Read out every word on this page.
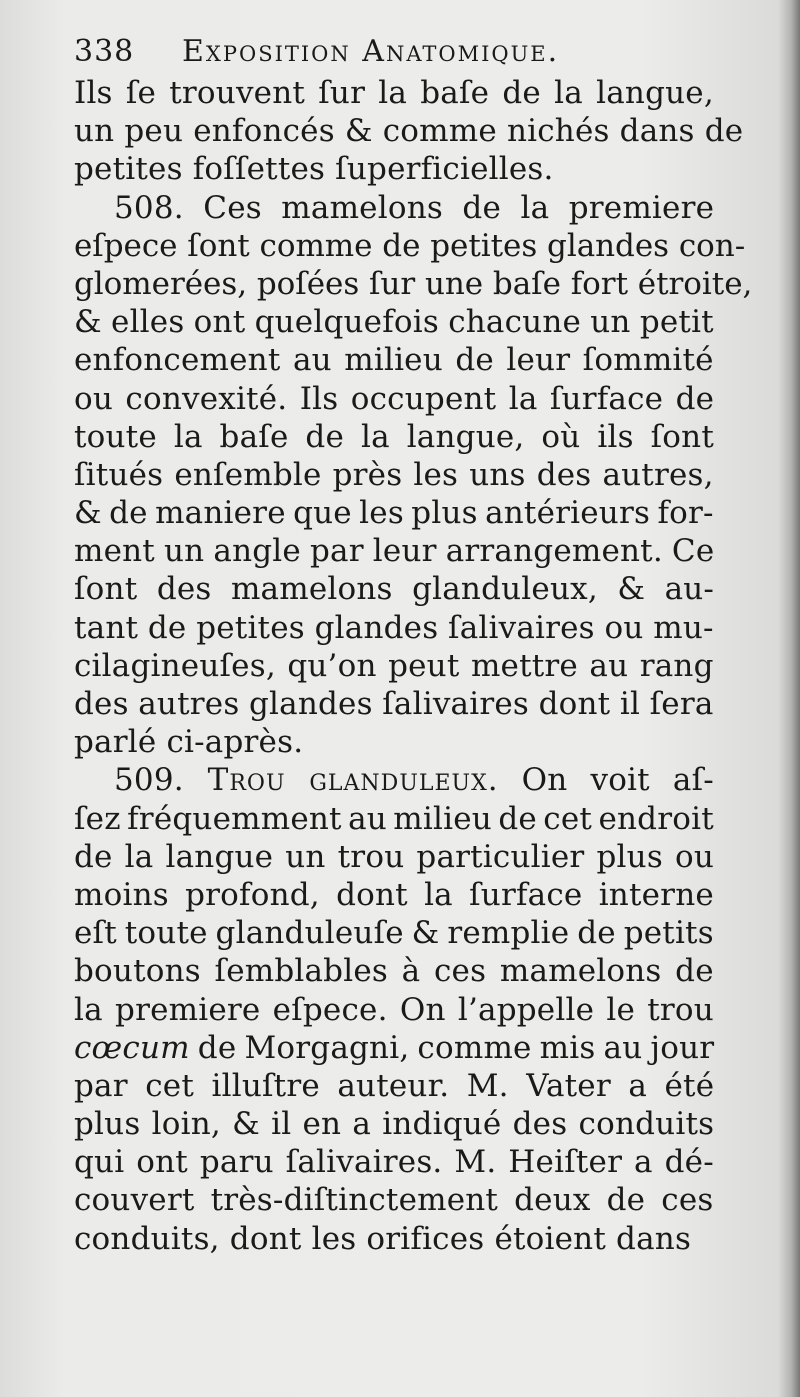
338 Exposition Anatomique.
Ils ſe trouvent ſur la baſe de la langue,
un peu enfoncés & comme nichés dans de
petites foſſettes ſuperficielles.
508. Ces mamelons de la premiere
eſpece ſont comme de petites glandes con-
glomerées, poſées ſur une baſe fort étroite,
& elles ont quelquefois chacune un petit
enfoncement au milieu de leur ſommité
ou convexité. Ils occupent la ſurface de
toute la baſe de la langue, où ils ſont
ſitués enſemble près les uns des autres,
& de maniere que les plus antérieurs for-
ment un angle par leur arrangement. Ce
ſont des mamelons glanduleux, & au-
tant de petites glandes ſalivaires ou mu-
cilagineuſes, qu’on peut mettre au rang
des autres glandes ſalivaires dont il ſera
parlé ci-après.
509. Trou glanduleux. On voit aſ-
ſez fréquemment au milieu de cet endroit
de la langue un trou particulier plus ou
moins profond, dont la ſurface interne
eſt toute glanduleuſe & remplie de petits
boutons ſemblables à ces mamelons de
la premiere eſpece. On l’appelle le trou
cœcum de Morgagni, comme mis au jour
par cet illuſtre auteur. M. Vater a été
plus loin, & il en a indiqué des conduits
qui ont paru ſalivaires. M. Heiſter a dé-
couvert très-diſtinctement deux de ces
conduits, dont les orifices étoient dans
